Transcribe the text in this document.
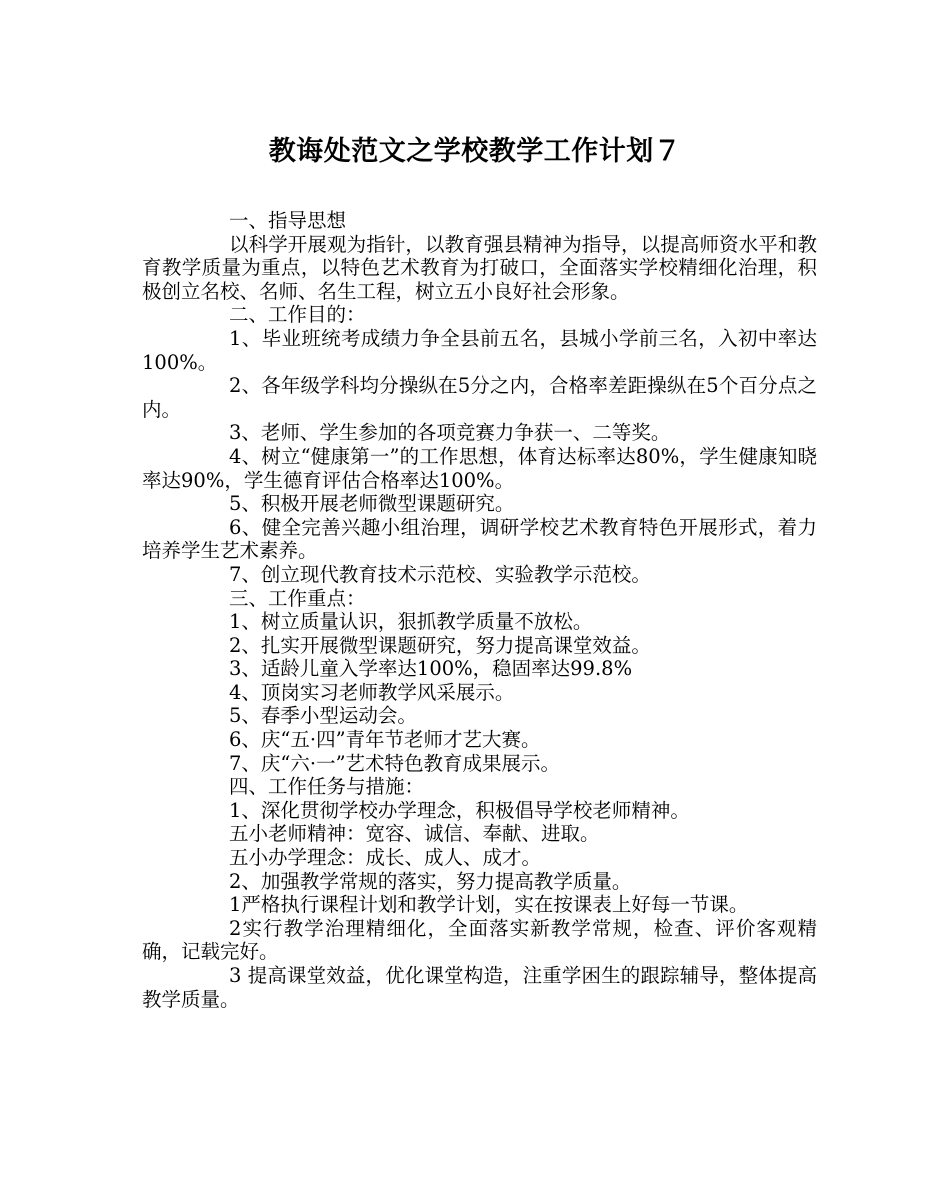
教诲处范文之学校教学工作计划７

一、指导思想

以科学开展观为指针，以教育强县精神为指导，以提高师资水平和教育教学质量为重点，以特色艺术教育为打破口，全面落实学校精细化治理，积极创立名校、名师、名生工程，树立五小良好社会形象。

二、工作目的：

1、毕业班统考成绩力争全县前五名，县城小学前三名，入初中率达100%。

2、各年级学科均分操纵在5分之内，合格率差距操纵在5个百分点之内。

3、老师、学生参加的各项竞赛力争获一、二等奖。

4、树立“健康第一”的工作思想，体育达标率达80%，学生健康知晓率达90%，学生德育评估合格率达100%。

5、积极开展老师微型课题研究。

6、健全完善兴趣小组治理，调研学校艺术教育特色开展形式，着力培养学生艺术素养。

7、创立现代教育技术示范校、实验教学示范校。

三、工作重点：

1、树立质量认识，狠抓教学质量不放松。

2、扎实开展微型课题研究，努力提高课堂效益。

3、适龄儿童入学率达100%，稳固率达99.8%

4、顶岗实习老师教学风采展示。

5、春季小型运动会。

6、庆“五·四”青年节老师才艺大赛。

7、庆“六·一”艺术特色教育成果展示。

四、工作任务与措施：

1、深化贯彻学校办学理念，积极倡导学校老师精神。

五小老师精神：宽容、诚信、奉献、进取。

五小办学理念：成长、成人、成才。

2、加强教学常规的落实，努力提高教学质量。

1严格执行课程计划和教学计划，实在按课表上好每一节课。

2实行教学治理精细化，全面落实新教学常规，检查、评价客观精确，记载完好。

3 提高课堂效益，优化课堂构造，注重学困生的跟踪辅导，整体提高教学质量。
